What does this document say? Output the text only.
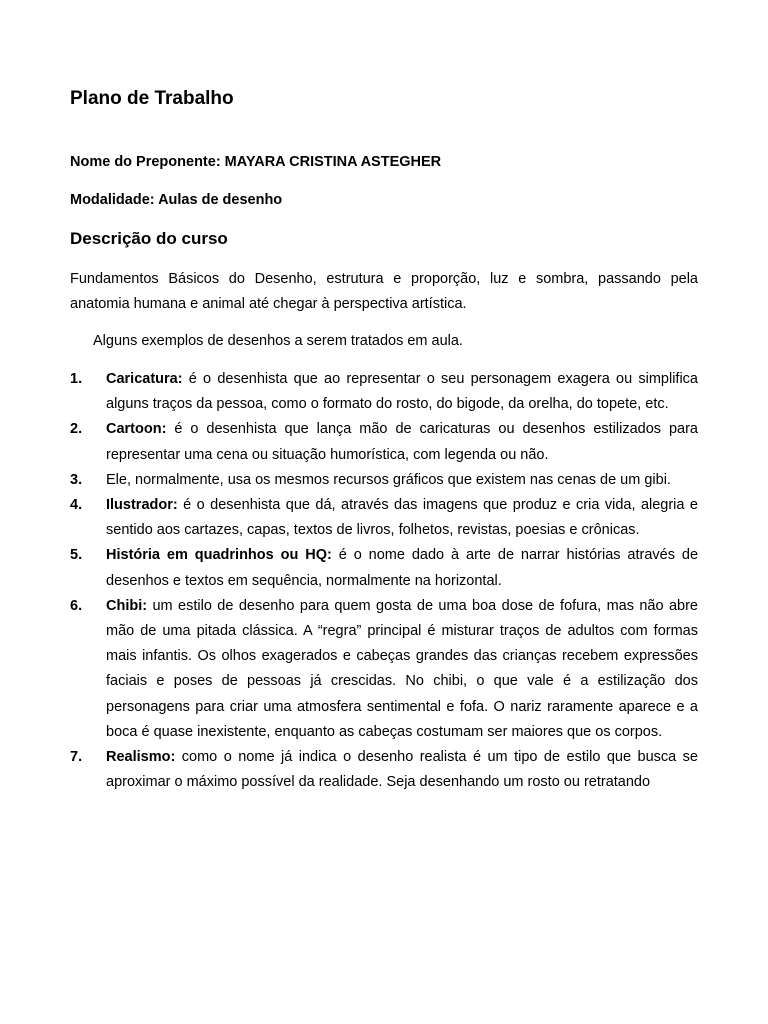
Plano de Trabalho

Nome do Preponente: MAYARA CRISTINA ASTEGHER

Modalidade: Aulas de desenho

Descrição do curso

Fundamentos Básicos do Desenho, estrutura e proporção, luz e sombra, passando pela anatomia humana e animal até chegar à perspectiva artística.

Alguns exemplos de desenhos a serem tratados em aula.

1. Caricatura: é o desenhista que ao representar o seu personagem exagera ou simplifica alguns traços da pessoa, como o formato do rosto, do bigode, da orelha, do topete, etc.
2. Cartoon: é o desenhista que lança mão de caricaturas ou desenhos estilizados para representar uma cena ou situação humorística, com legenda ou não.
3. Ele, normalmente, usa os mesmos recursos gráficos que existem nas cenas de um gibi.
4. Ilustrador: é o desenhista que dá, através das imagens que produz e cria vida, alegria e sentido aos cartazes, capas, textos de livros, folhetos, revistas, poesias e crônicas.
5. História em quadrinhos ou HQ: é o nome dado à arte de narrar histórias através de desenhos e textos em sequência, normalmente na horizontal.
6. Chibi: um estilo de desenho para quem gosta de uma boa dose de fofura, mas não abre mão de uma pitada clássica. A “regra” principal é misturar traços de adultos com formas mais infantis. Os olhos exagerados e cabeças grandes das crianças recebem expressões faciais e poses de pessoas já crescidas. No chibi, o que vale é a estilização dos personagens para criar uma atmosfera sentimental e fofa. O nariz raramente aparece e a boca é quase inexistente, enquanto as cabeças costumam ser maiores que os corpos.
7. Realismo: como o nome já indica o desenho realista é um tipo de estilo que busca se aproximar o máximo possível da realidade. Seja desenhando um rosto ou retratando
